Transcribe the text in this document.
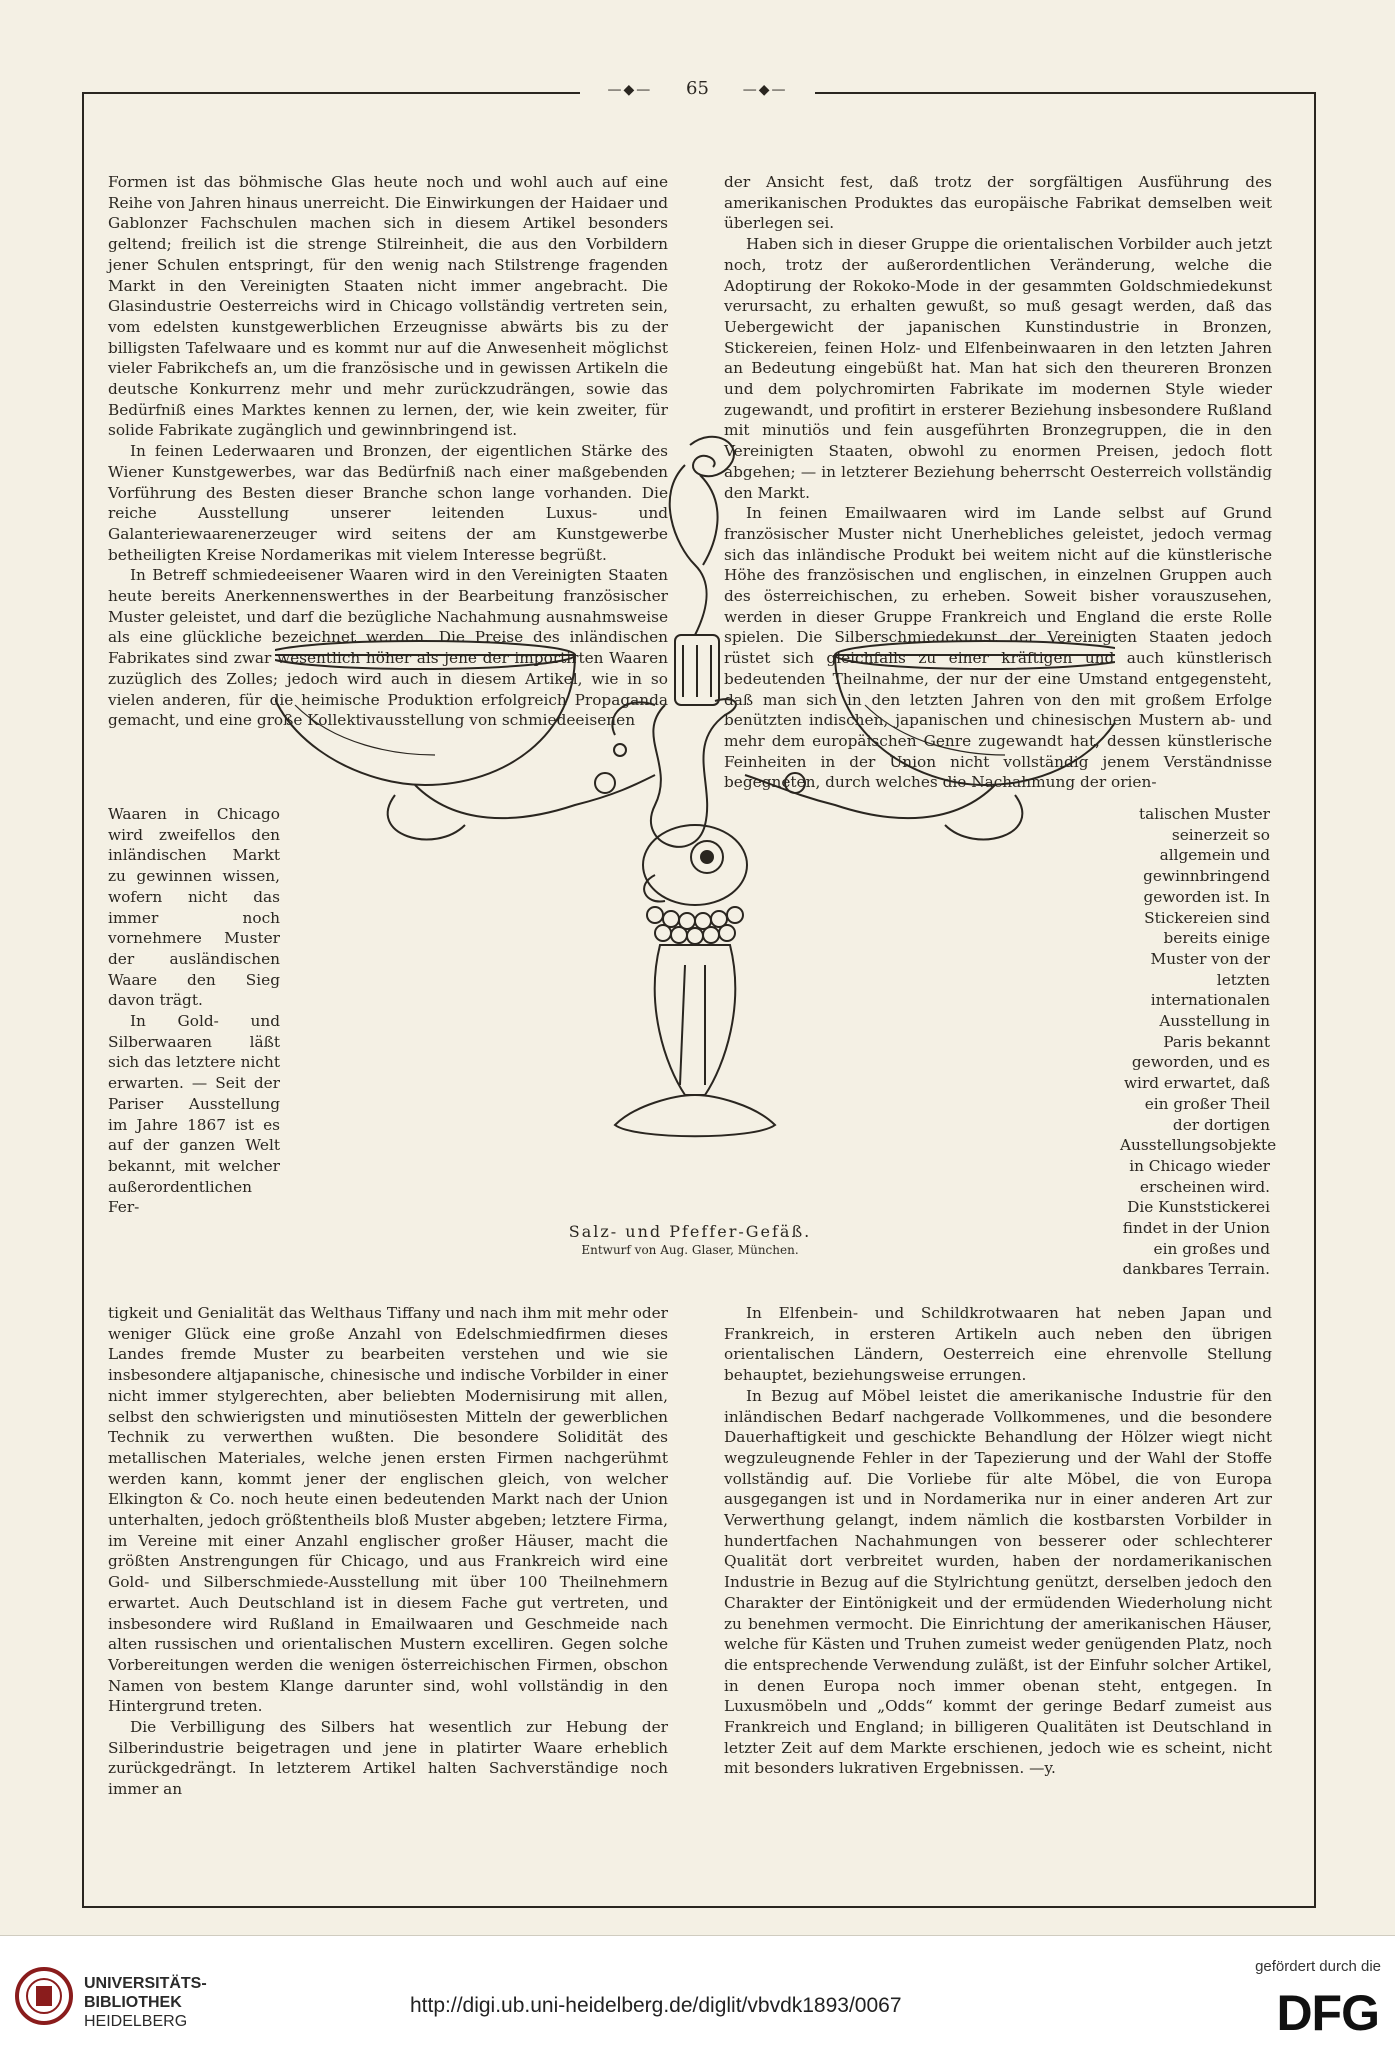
—◆— 65 —◆—

Formen ist das böhmische Glas heute noch und wohl auch auf eine Reihe von Jahren hinaus unerreicht. Die Einwirkungen der Haidaer und Gablonzer Fachschulen machen sich in diesem Artikel besonders geltend; freilich ist die strenge Stilreinheit, die aus den Vorbildern jener Schulen entspringt, für den wenig nach Stilstrenge fragenden Markt in den Vereinigten Staaten nicht immer angebracht. Die Glasindustrie Oesterreichs wird in Chicago vollständig vertreten sein, vom edelsten kunstgewerblichen Erzeugnisse abwärts bis zu der billigsten Tafelwaare und es kommt nur auf die Anwesenheit möglichst vieler Fabrikchefs an, um die französische und in gewissen Artikeln die deutsche Konkurrenz mehr und mehr zurückzudrängen, sowie das Bedürfniß eines Marktes kennen zu lernen, der, wie kein zweiter, für solide Fabrikate zugänglich und gewinnbringend ist.

In feinen Lederwaaren und Bronzen, der eigentlichen Stärke des Wiener Kunstgewerbes, war das Bedürfniß nach einer maßgebenden Vorführung des Besten dieser Branche schon lange vorhanden. Die reiche Ausstellung unserer leitenden Luxus- und Galanteriewaarenerzeuger wird seitens der am Kunstgewerbe betheiligten Kreise Nordamerikas mit vielem Interesse begrüßt.

In Betreff schmiedeeisener Waaren wird in den Vereinigten Staaten heute bereits Anerkennenswerthes in der Bearbeitung französischer Muster geleistet, und darf die bezügliche Nachahmung ausnahmsweise als eine glückliche bezeichnet werden. Die Preise des inländischen Fabrikates sind zwar wesentlich höher als jene der importirten Waaren zuzüglich des Zolles; jedoch wird auch in diesem Artikel, wie in so vielen anderen, für die heimische Produktion erfolgreich Propaganda gemacht, und eine große Kollektivausstellung von schmiedeeisenen

Waaren in Chicago wird zweifellos den inländischen Markt zu gewinnen wissen, wofern nicht das immer noch vornehmere Muster der ausländischen Waare den Sieg davon trägt.

In Gold- und Silberwaaren läßt sich das letztere nicht erwarten. — Seit der Pariser Ausstellung im Jahre 1867 ist es auf der ganzen Welt bekannt, mit welcher außerordentlichen Fer-

tigkeit und Genialität das Welthaus Tiffany und nach ihm mit mehr oder weniger Glück eine große Anzahl von Edelschmiedfirmen dieses Landes fremde Muster zu bearbeiten verstehen und wie sie insbesondere altjapanische, chinesische und indische Vorbilder in einer nicht immer stylgerechten, aber beliebten Modernisirung mit allen, selbst den schwierigsten und minutiösesten Mitteln der gewerblichen Technik zu verwerthen wußten. Die besondere Solidität des metallischen Materiales, welche jenen ersten Firmen nachgerühmt werden kann, kommt jener der englischen gleich, von welcher Elkington & Co. noch heute einen bedeutenden Markt nach der Union unterhalten, jedoch größtentheils bloß Muster abgeben; letztere Firma, im Vereine mit einer Anzahl englischer großer Häuser, macht die größten Anstrengungen für Chicago, und aus Frankreich wird eine Gold- und Silberschmiede-Ausstellung mit über 100 Theilnehmern erwartet. Auch Deutschland ist in diesem Fache gut vertreten, und insbesondere wird Rußland in Emailwaaren und Geschmeide nach alten russischen und orientalischen Mustern excelliren. Gegen solche Vorbereitungen werden die wenigen österreichischen Firmen, obschon Namen von bestem Klange darunter sind, wohl vollständig in den Hintergrund treten.

Die Verbilligung des Silbers hat wesentlich zur Hebung der Silberindustrie beigetragen und jene in platirter Waare erheblich zurückgedrängt. In letzterem Artikel halten Sachverständige noch immer an

der Ansicht fest, daß trotz der sorgfältigen Ausführung des amerikanischen Produktes das europäische Fabrikat demselben weit überlegen sei.

Haben sich in dieser Gruppe die orientalischen Vorbilder auch jetzt noch, trotz der außerordentlichen Veränderung, welche die Adoptirung der Rokoko-Mode in der gesammten Goldschmiedekunst verursacht, zu erhalten gewußt, so muß gesagt werden, daß das Uebergewicht der japanischen Kunstindustrie in Bronzen, Stickereien, feinen Holz- und Elfenbeinwaaren in den letzten Jahren an Bedeutung eingebüßt hat. Man hat sich den theureren Bronzen und dem polychromirten Fabrikate im modernen Style wieder zugewandt, und profitirt in ersterer Beziehung insbesondere Rußland mit minutiös und fein ausgeführten Bronzegruppen, die in den Vereinigten Staaten, obwohl zu enormen Preisen, jedoch flott abgehen; — in letzterer Beziehung beherrscht Oesterreich vollständig den Markt.

In feinen Emailwaaren wird im Lande selbst auf Grund französischer Muster nicht Unerhebliches geleistet, jedoch vermag sich das inländische Produkt bei weitem nicht auf die künstlerische Höhe des französischen und englischen, in einzelnen Gruppen auch des österreichischen, zu erheben. Soweit bisher vorauszusehen, werden in dieser Gruppe Frankreich und England die erste Rolle spielen. Die Silberschmiedekunst der Vereinigten Staaten jedoch rüstet sich gleichfalls zu einer kräftigen und auch künstlerisch bedeutenden Theilnahme, der nur der eine Umstand entgegensteht, daß man sich in den letzten Jahren von den mit großem Erfolge benützten indischen, japanischen und chinesischen Mustern ab- und mehr dem europäischen Genre zugewandt hat, dessen künstlerische Feinheiten in der Union nicht vollständig jenem Verständnisse begegneten, durch welches die Nachahmung der orien-

talischen Muster seinerzeit so allgemein und gewinnbringend geworden ist. In Stickereien sind bereits einige Muster von der letzten internationalen Ausstellung in Paris bekannt geworden, und es wird erwartet, daß ein großer Theil der dortigen Ausstellungsobjekte in Chicago wieder erscheinen wird. Die Kunststickerei findet in der Union ein großes und dankbares Terrain.

In Elfenbein- und Schildkrotwaaren hat neben Japan und Frankreich, in ersteren Artikeln auch neben den übrigen orientalischen Ländern, Oesterreich eine ehrenvolle Stellung behauptet, beziehungsweise errungen.

In Bezug auf Möbel leistet die amerikanische Industrie für den inländischen Bedarf nachgerade Vollkommenes, und die besondere Dauerhaftigkeit und geschickte Behandlung der Hölzer wiegt nicht wegzuleugnende Fehler in der Tapezierung und der Wahl der Stoffe vollständig auf. Die Vorliebe für alte Möbel, die von Europa ausgegangen ist und in Nordamerika nur in einer anderen Art zur Verwerthung gelangt, indem nämlich die kostbarsten Vorbilder in hundertfachen Nachahmungen von besserer oder schlechterer Qualität dort verbreitet wurden, haben der nordamerikanischen Industrie in Bezug auf die Stylrichtung genützt, derselben jedoch den Charakter der Eintönigkeit und der ermüdenden Wiederholung nicht zu benehmen vermocht. Die Einrichtung der amerikanischen Häuser, welche für Kästen und Truhen zumeist weder genügenden Platz, noch die entsprechende Verwendung zuläßt, ist der Einfuhr solcher Artikel, in denen Europa noch immer obenan steht, entgegen. In Luxusmöbeln und „Odds“ kommt der geringe Bedarf zumeist aus Frankreich und England; in billigeren Qualitäten ist Deutschland in letzter Zeit auf dem Markte erschienen, jedoch wie es scheint, nicht mit besonders lukrativen Ergebnissen. —y.

Salz- und Pfeffer-Gefäß.
Entwurf von Aug. Glaser, München.
UNIVERSITÄTS-
BIBLIOTHEK
HEIDELBERG
http://digi.ub.uni-heidelberg.de/diglit/vbvdk1893/0067
gefördert durch die
DFG
